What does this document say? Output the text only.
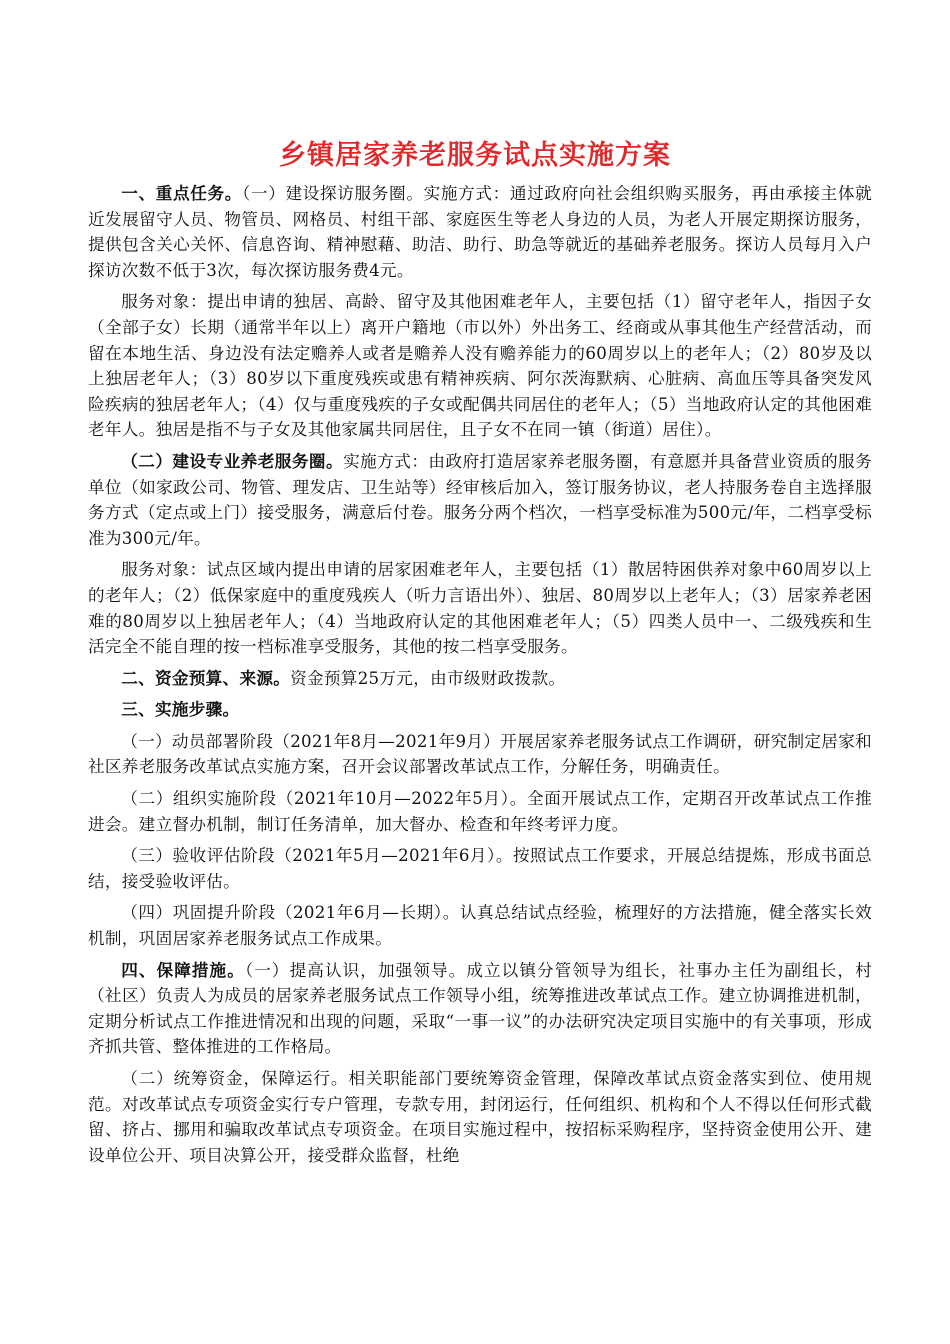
乡镇居家养老服务试点实施方案

一、重点任务。（一）建设探访服务圈。实施方式：通过政府向社会组织购买服务，再由承接主体就近发展留守人员、物管员、网格员、村组干部、家庭医生等老人身边的人员，为老人开展定期探访服务，提供包含关心关怀、信息咨询、精神慰藉、助洁、助行、助急等就近的基础养老服务。探访人员每月入户探访次数不低于3次，每次探访服务费4元。

服务对象：提出申请的独居、高龄、留守及其他困难老年人，主要包括（1）留守老年人，指因子女（全部子女）长期（通常半年以上）离开户籍地（市以外）外出务工、经商或从事其他生产经营活动，而留在本地生活、身边没有法定赡养人或者是赡养人没有赡养能力的60周岁以上的老年人；（2）80岁及以上独居老年人；（3）80岁以下重度残疾或患有精神疾病、阿尔茨海默病、心脏病、高血压等具备突发风险疾病的独居老年人；（4）仅与重度残疾的子女或配偶共同居住的老年人；（5）当地政府认定的其他困难老年人。独居是指不与子女及其他家属共同居住，且子女不在同一镇（街道）居住）。

（二）建设专业养老服务圈。实施方式：由政府打造居家养老服务圈，有意愿并具备营业资质的服务单位（如家政公司、物管、理发店、卫生站等）经审核后加入，签订服务协议，老人持服务卷自主选择服务方式（定点或上门）接受服务，满意后付卷。服务分两个档次，一档享受标准为500元/年，二档享受标准为300元/年。

服务对象：试点区域内提出申请的居家困难老年人，主要包括（1）散居特困供养对象中60周岁以上的老年人；（2）低保家庭中的重度残疾人（听力言语出外）、独居、80周岁以上老年人；（3）居家养老困难的80周岁以上独居老年人；（4）当地政府认定的其他困难老年人；（5）四类人员中一、二级残疾和生活完全不能自理的按一档标准享受服务，其他的按二档享受服务。

二、资金预算、来源。资金预算25万元，由市级财政拨款。

三、实施步骤。

（一）动员部署阶段（2021年8月—2021年9月）开展居家养老服务试点工作调研，研究制定居家和社区养老服务改革试点实施方案，召开会议部署改革试点工作，分解任务，明确责任。

（二）组织实施阶段（2021年10月—2022年5月）。全面开展试点工作，定期召开改革试点工作推进会。建立督办机制，制订任务清单，加大督办、检查和年终考评力度。

（三）验收评估阶段（2021年5月—2021年6月）。按照试点工作要求，开展总结提炼，形成书面总结，接受验收评估。

（四）巩固提升阶段（2021年6月—长期）。认真总结试点经验，梳理好的方法措施，健全落实长效机制，巩固居家养老服务试点工作成果。

四、保障措施。（一）提高认识，加强领导。成立以镇分管领导为组长，社事办主任为副组长，村（社区）负责人为成员的居家养老服务试点工作领导小组，统筹推进改革试点工作。建立协调推进机制，定期分析试点工作推进情况和出现的问题，采取“一事一议”的办法研究决定项目实施中的有关事项，形成齐抓共管、整体推进的工作格局。

（二）统筹资金，保障运行。相关职能部门要统筹资金管理，保障改革试点资金落实到位、使用规范。对改革试点专项资金实行专户管理，专款专用，封闭运行，任何组织、机构和个人不得以任何形式截留、挤占、挪用和骗取改革试点专项资金。在项目实施过程中，按招标采购程序，坚持资金使用公开、建设单位公开、项目决算公开，接受群众监督，杜绝
